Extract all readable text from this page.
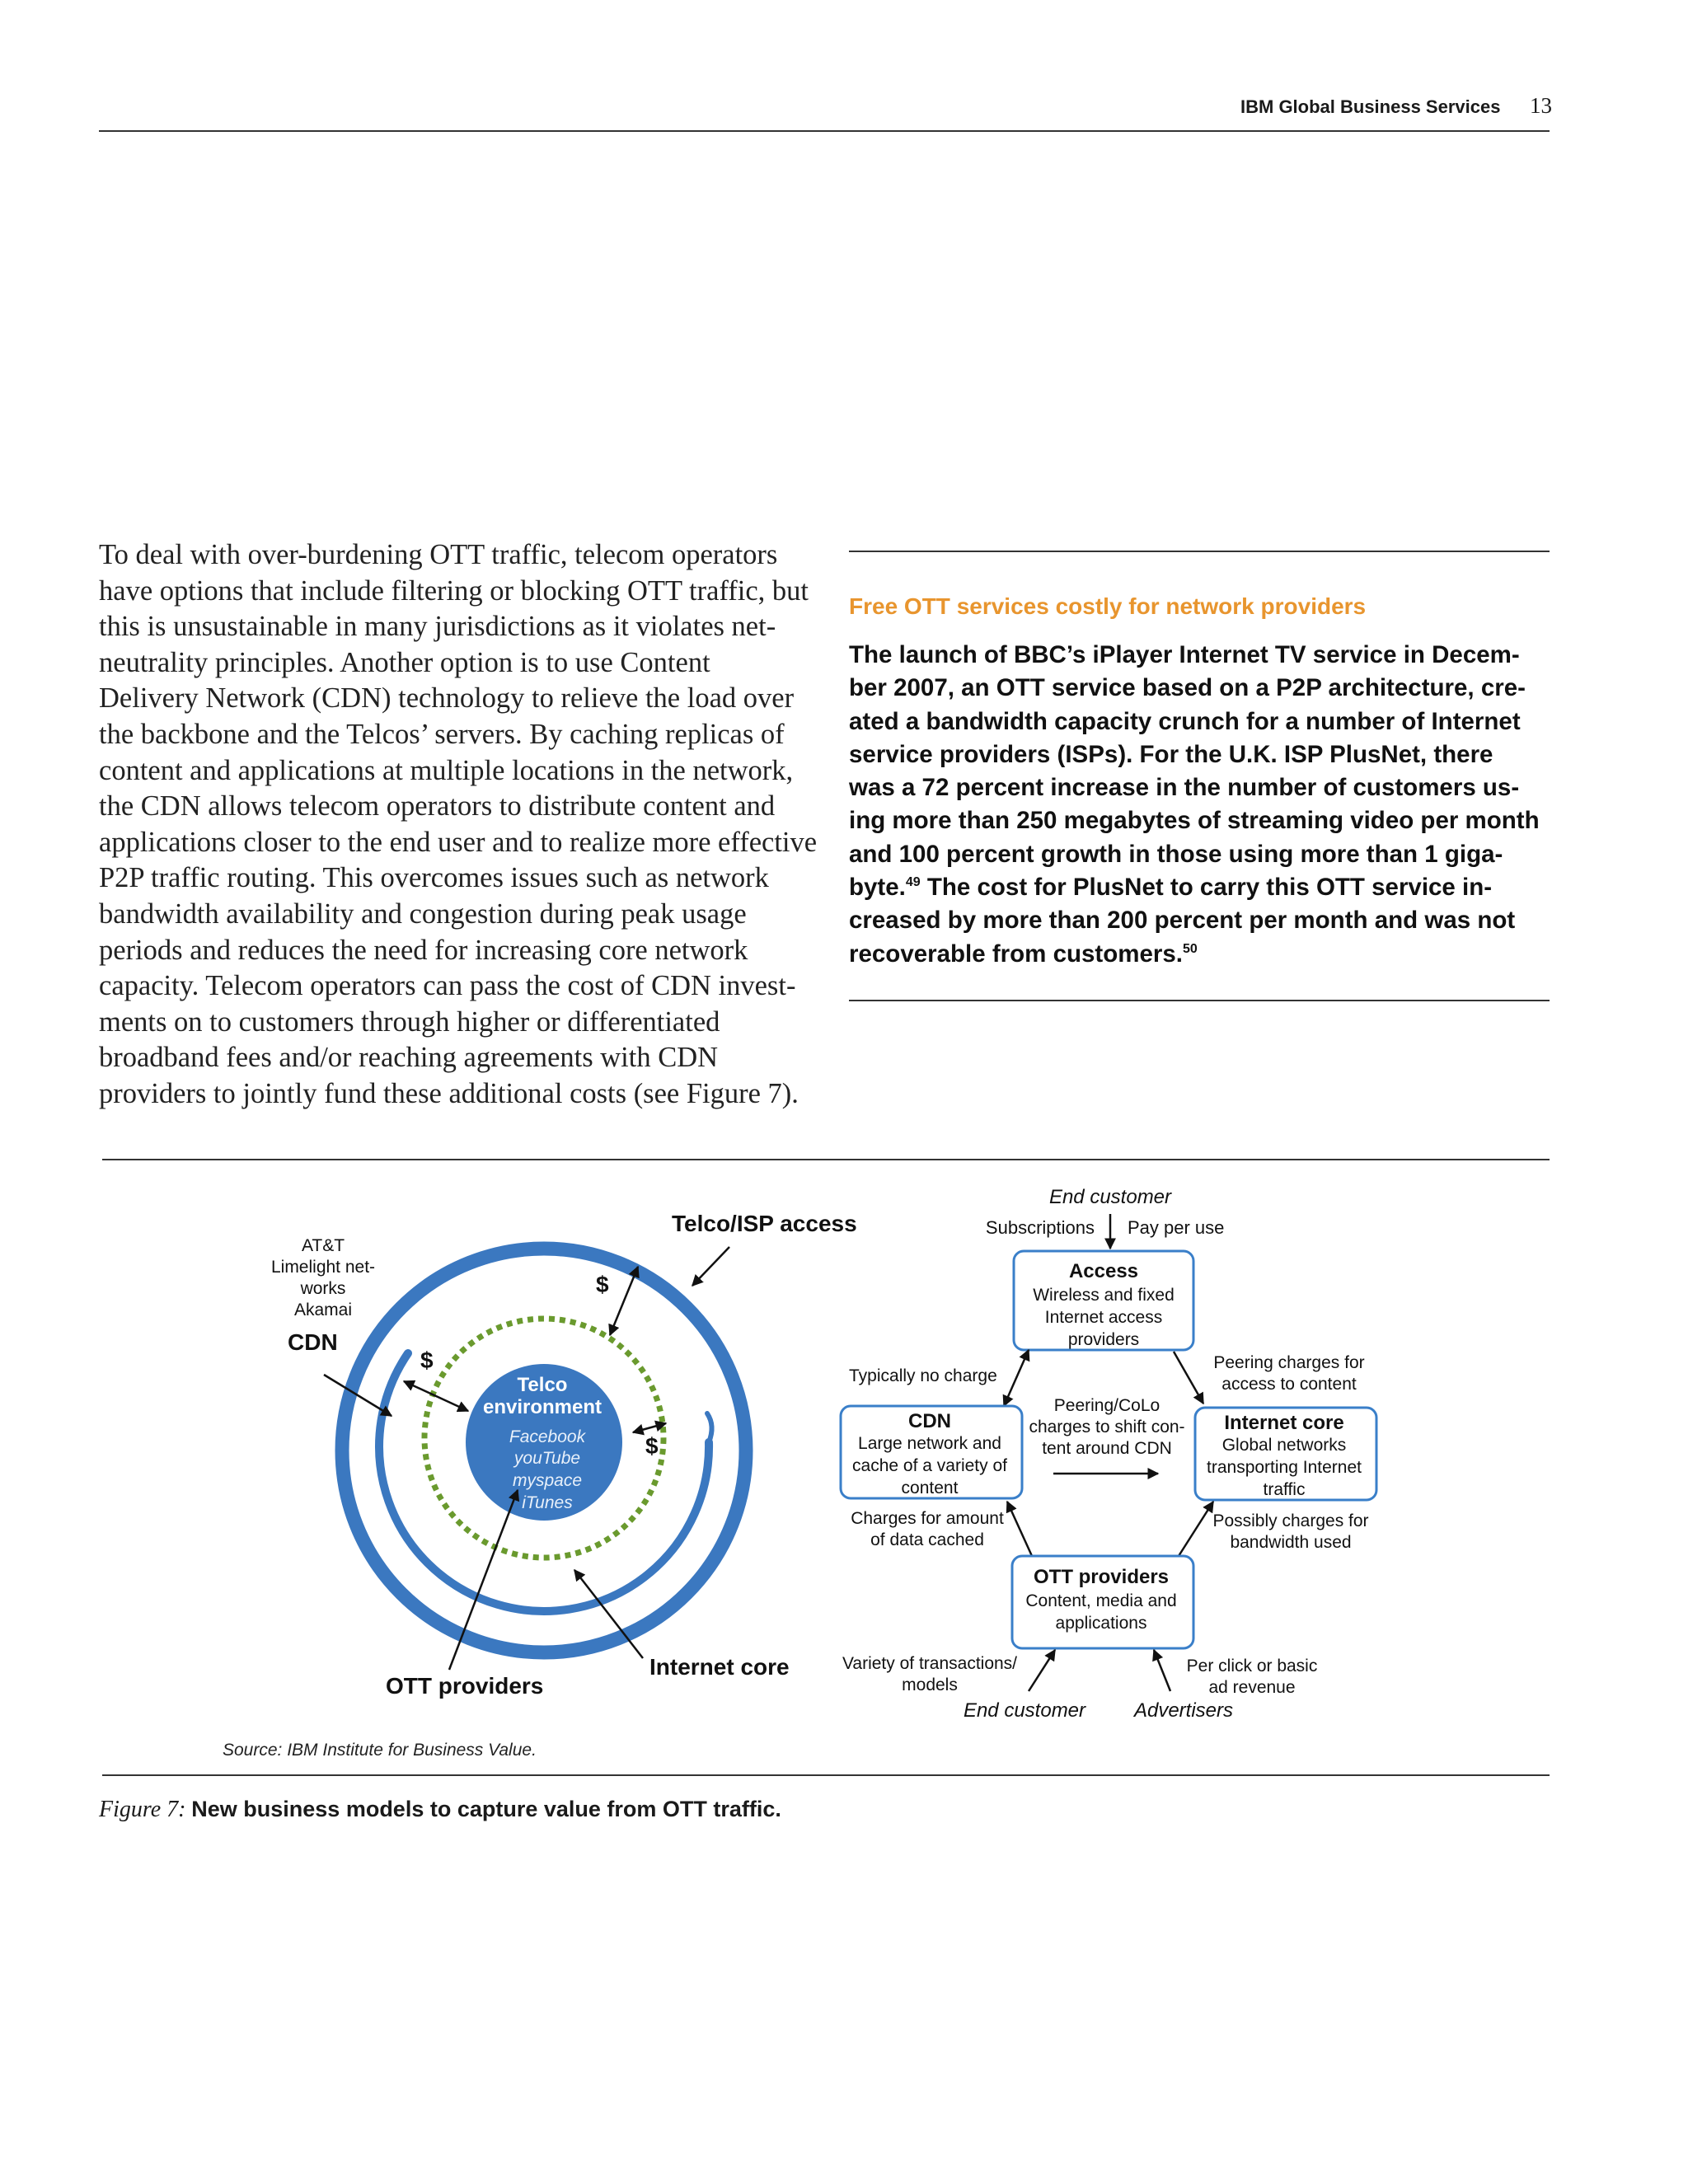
IBM Global Business Services 13
To deal with over-burdening OTT traffic, telecom operators
have options that include filtering or blocking OTT traffic, but
this is unsustainable in many jurisdictions as it violates net-
neutrality principles. Another option is to use Content
Delivery Network (CDN) technology to relieve the load over
the backbone and the Telcos’ servers. By caching replicas of
content and applications at multiple locations in the network,
the CDN allows telecom operators to distribute content and
applications closer to the end user and to realize more effective
P2P traffic routing. This overcomes issues such as network
bandwidth availability and congestion during peak usage
periods and reduces the need for increasing core network
capacity. Telecom operators can pass the cost of CDN invest-
ments on to customers through higher or differentiated
broadband fees and/or reaching agreements with CDN
providers to jointly fund these additional costs (see Figure 7).
Free OTT services costly for network providers
The launch of BBC’s iPlayer Internet TV service in Decem-
ber 2007, an OTT service based on a P2P architecture, cre-
ated a bandwidth capacity crunch for a number of Internet
service providers (ISPs). For the U.K. ISP PlusNet, there
was a 72 percent increase in the number of customers us-
ing more than 250 megabytes of streaming video per month
and 100 percent growth in those using more than 1 giga-
byte.$^{49}$ The cost for PlusNet to carry this OTT service in-
creased by more than 200 percent per month and was not
recoverable from customers.$^{50}$
Telco
environment
Facebook
youTube
myspace
iTunes
Telco/ISP access
AT&T
Limelight net-
works
Akamai
CDN
$
$
$
OTT providers
Internet core
End customer
Subscriptions Pay per use
Access
Wireless and fixed
Internet access
providers
Typically no charge
Peering charges for
access to content
CDN
Large network and
cache of a variety of
content
Peering/CoLo
charges to shift con-
tent around CDN
Internet core
Global networks
transporting Internet
traffic
Charges for amount
of data cached
Possibly charges for
bandwidth used
OTT providers
Content, media and
applications
Variety of transactions/
models
Per click or basic
ad revenue
End customer Advertisers
Source: IBM Institute for Business Value.
Figure 7: New business models to capture value from OTT traffic.
